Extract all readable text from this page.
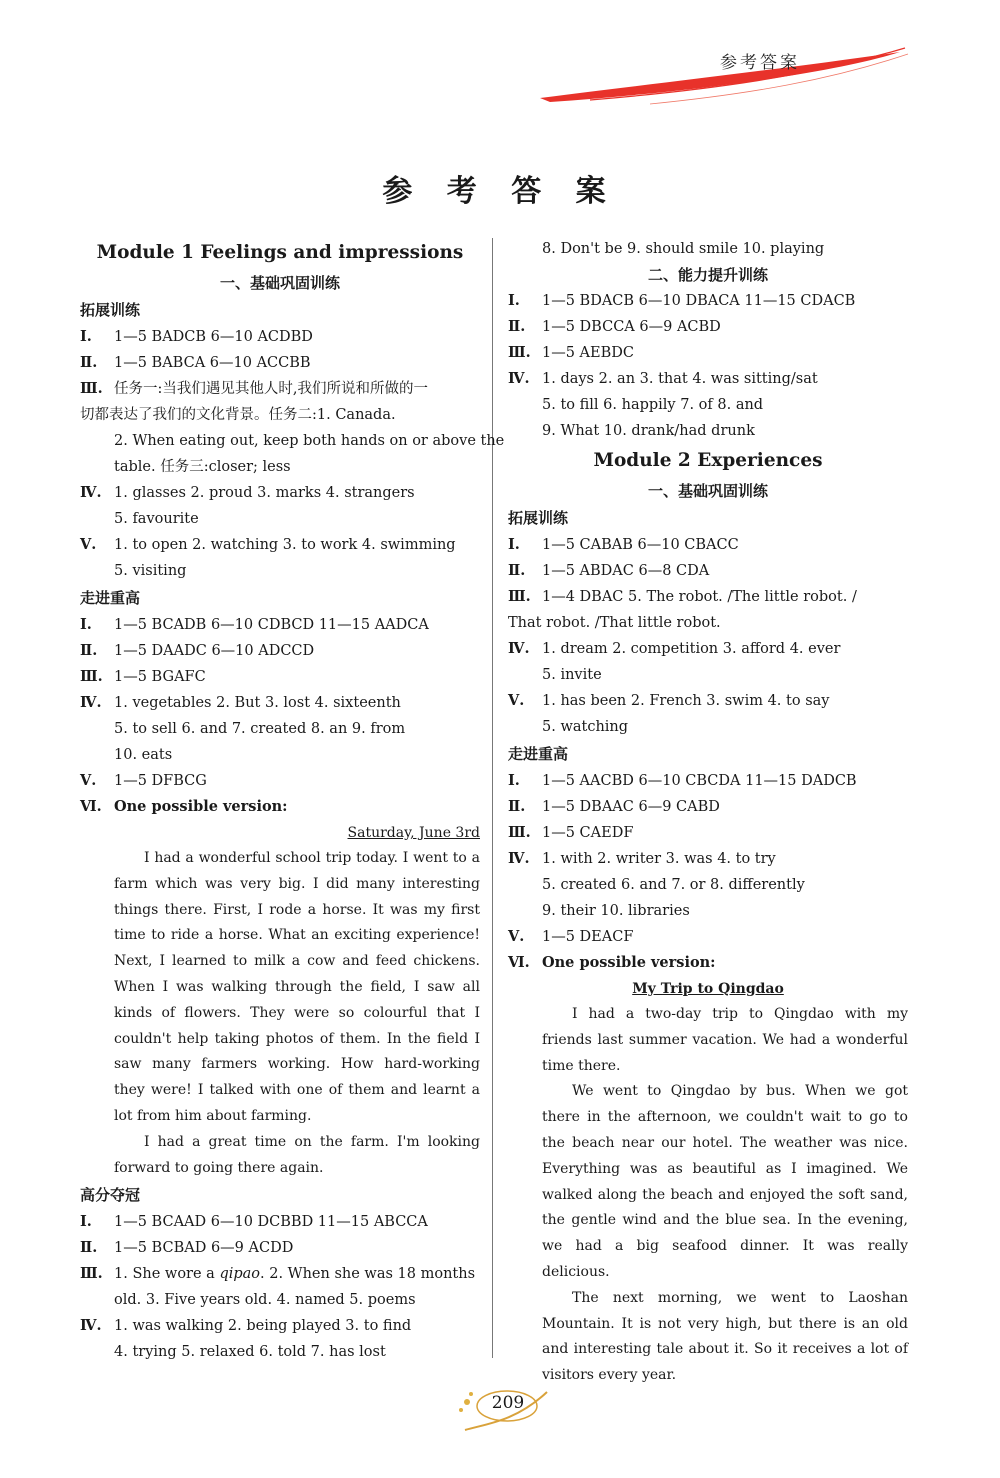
参考答案
参 考 答 案
Module 1 Feelings and impressions
一、基础巩固训练
拓展训练
Ⅰ. 1—5 BADCB 6—10 ACDBD
Ⅱ. 1—5 BABCA 6—10 ACCBB
Ⅲ. 任务一:当我们遇见其他人时,我们所说和所做的一
切都表达了我们的文化背景。任务二:1. Canada.
2. When eating out, keep both hands on or above the
table. 任务三:closer; less
Ⅳ. 1. glasses 2. proud 3. marks 4. strangers
5. favourite
Ⅴ. 1. to open 2. watching 3. to work 4. swimming
5. visiting
走进重高
Ⅰ. 1—5 BCADB 6—10 CDBCD 11—15 AADCA
Ⅱ. 1—5 DAADC 6—10 ADCCD
Ⅲ. 1—5 BGAFC
Ⅳ. 1. vegetables 2. But 3. lost 4. sixteenth
5. to sell 6. and 7. created 8. an 9. from
10. eats
Ⅴ. 1—5 DFBCG
Ⅵ. One possible version:
Saturday, June 3rd
I had a wonderful school trip today. I went to a farm which was very big. I did many interesting things there. First, I rode a horse. It was my first time to ride a horse. What an exciting experience! Next, I learned to milk a cow and feed chickens. When I was walking through the field, I saw all kinds of flowers. They were so colourful that I couldn't help taking photos of them. In the field I saw many farmers working. How hard-working they were! I talked with one of them and learnt a lot from him about farming.
I had a great time on the farm. I'm looking forward to going there again.
高分夺冠
Ⅰ. 1—5 BCAAD 6—10 DCBBD 11—15 ABCCA
Ⅱ. 1—5 BCBAD 6—9 ACDD
Ⅲ. 1. She wore a qipao. 2. When she was 18 months
old. 3. Five years old. 4. named 5. poems
Ⅳ. 1. was walking 2. being played 3. to find
4. trying 5. relaxed 6. told 7. has lost
8. Don't be 9. should smile 10. playing
二、能力提升训练
Ⅰ. 1—5 BDACB 6—10 DBACA 11—15 CDACB
Ⅱ. 1—5 DBCCA 6—9 ACBD
Ⅲ. 1—5 AEBDC
Ⅳ. 1. days 2. an 3. that 4. was sitting/sat
5. to fill 6. happily 7. of 8. and
9. What 10. drank/had drunk
Module 2 Experiences
一、基础巩固训练
拓展训练
Ⅰ. 1—5 CABAB 6—10 CBACC
Ⅱ. 1—5 ABDAC 6—8 CDA
Ⅲ. 1—4 DBAC 5. The robot. /The little robot. /
That robot. /That little robot.
Ⅳ. 1. dream 2. competition 3. afford 4. ever
5. invite
Ⅴ. 1. has been 2. French 3. swim 4. to say
5. watching
走进重高
Ⅰ. 1—5 AACBD 6—10 CBCDA 11—15 DADCB
Ⅱ. 1—5 DBAAC 6—9 CABD
Ⅲ. 1—5 CAEDF
Ⅳ. 1. with 2. writer 3. was 4. to try
5. created 6. and 7. or 8. differently
9. their 10. libraries
Ⅴ. 1—5 DEACF
Ⅵ. One possible version:
My Trip to Qingdao
I had a two-day trip to Qingdao with my friends last summer vacation. We had a wonderful time there.
We went to Qingdao by bus. When we got there in the afternoon, we couldn't wait to go to the beach near our hotel. The weather was nice. Everything was as beautiful as I imagined. We walked along the beach and enjoyed the soft sand, the gentle wind and the blue sea. In the evening, we had a big seafood dinner. It was really delicious.
The next morning, we went to Laoshan Mountain. It is not very high, but there is an old and interesting tale about it. So it receives a lot of visitors every year.
209
